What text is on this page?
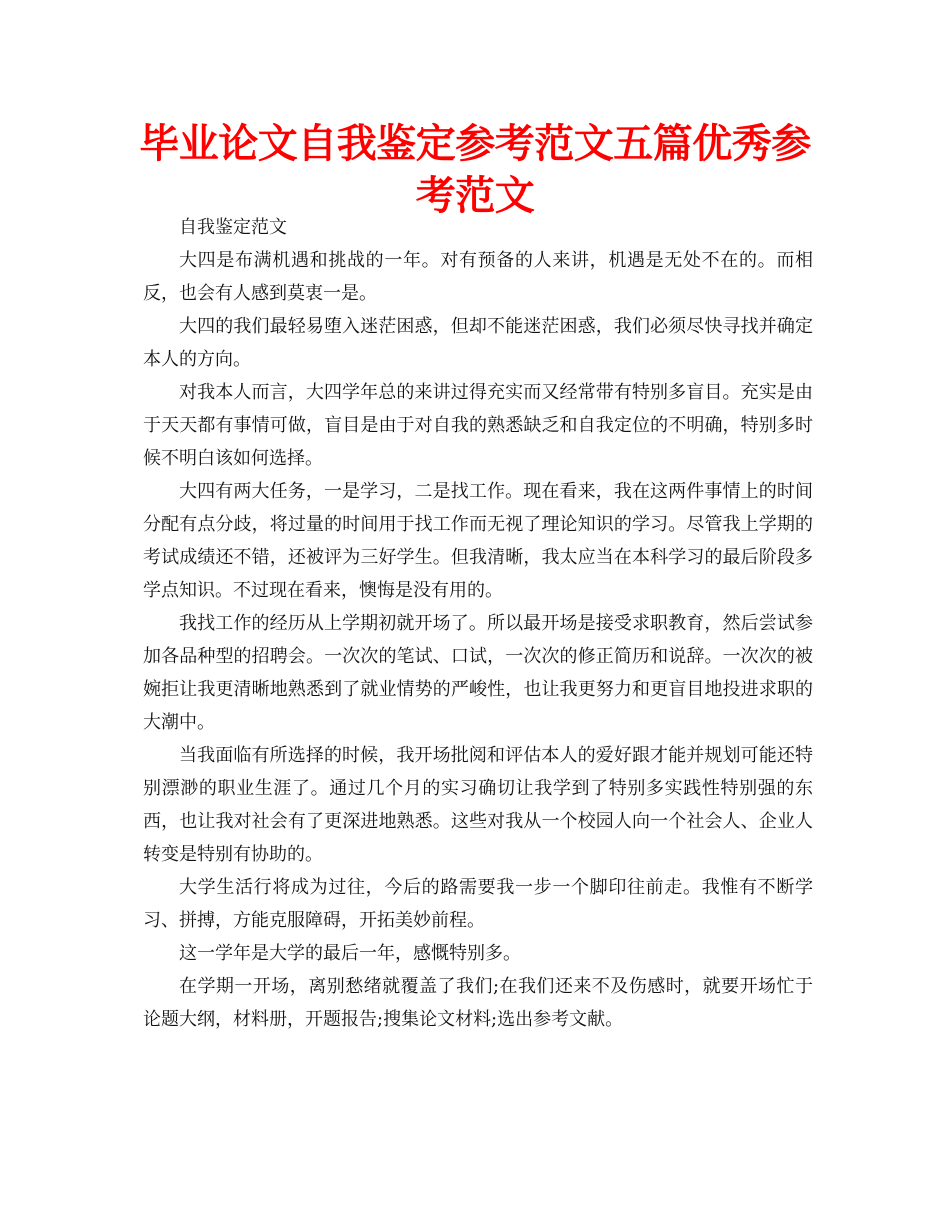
毕业论文自我鉴定参考范文五篇优秀参考范文

自我鉴定范文

大四是布满机遇和挑战的一年。对有预备的人来讲，机遇是无处不在的。而相反，也会有人感到莫衷一是。

大四的我们最轻易堕入迷茫困惑，但却不能迷茫困惑，我们必须尽快寻找并确定本人的方向。

对我本人而言，大四学年总的来讲过得充实而又经常带有特别多盲目。充实是由于天天都有事情可做，盲目是由于对自我的熟悉缺乏和自我定位的不明确，特别多时候不明白该如何选择。

大四有两大任务，一是学习，二是找工作。现在看来，我在这两件事情上的时间分配有点分歧，将过量的时间用于找工作而无视了理论知识的学习。尽管我上学期的考试成绩还不错，还被评为三好学生。但我清晰，我太应当在本科学习的最后阶段多学点知识。不过现在看来，懊悔是没有用的。

我找工作的经历从上学期初就开场了。所以最开场是接受求职教育，然后尝试参加各品种型的招聘会。一次次的笔试、口试，一次次的修正简历和说辞。一次次的被婉拒让我更清晰地熟悉到了就业情势的严峻性，也让我更努力和更盲目地投进求职的大潮中。

当我面临有所选择的时候，我开场批阅和评估本人的爱好跟才能并规划可能还特别漂渺的职业生涯了。通过几个月的实习确切让我学到了特别多实践性特别强的东西，也让我对社会有了更深进地熟悉。这些对我从一个校园人向一个社会人、企业人转变是特别有协助的。

大学生活行将成为过往，今后的路需要我一步一个脚印往前走。我惟有不断学习、拼搏，方能克服障碍，开拓美妙前程。

这一学年是大学的最后一年，感慨特别多。

在学期一开场，离别愁绪就覆盖了我们;在我们还来不及伤感时，就要开场忙于论题大纲，材料册，开题报告;搜集论文材料;选出参考文献。
